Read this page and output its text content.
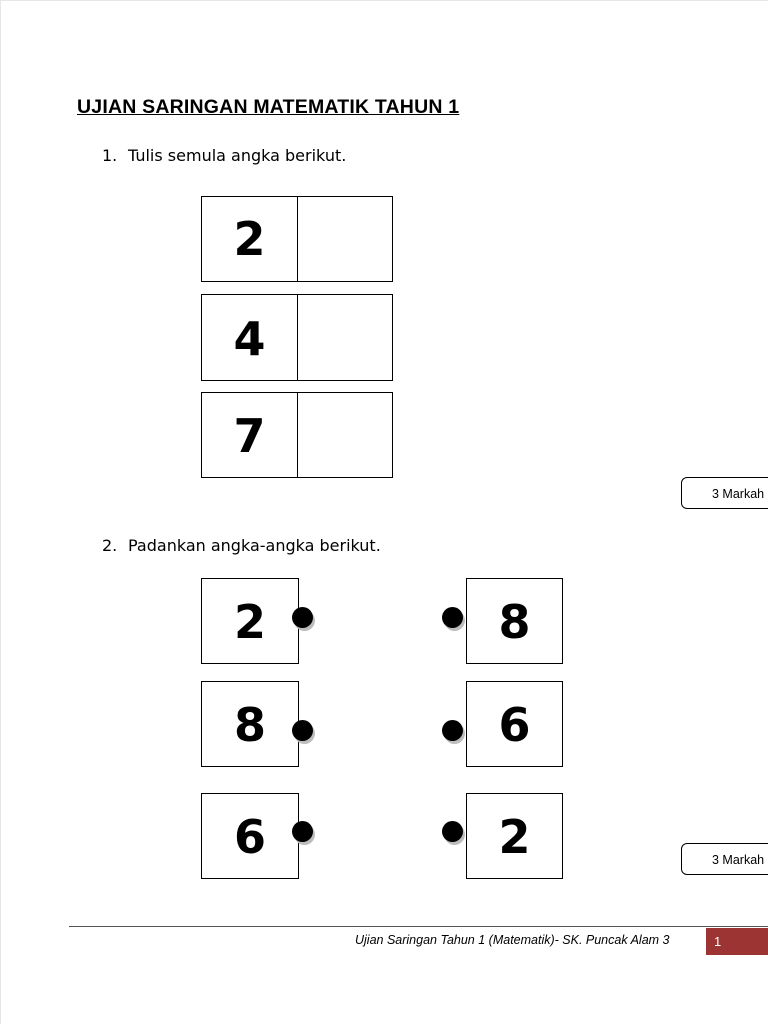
UJIAN SARINGAN MATEMATIK TAHUN 1
1. Tulis semula angka berikut.
2
4
7
3 Markah
2. Padankan angka-angka berikut.
2
8
6
8
6
2	3 Markah
Ujian Saringan Tahun 1 (Matematik)- SK. Puncak Alam 3	1
